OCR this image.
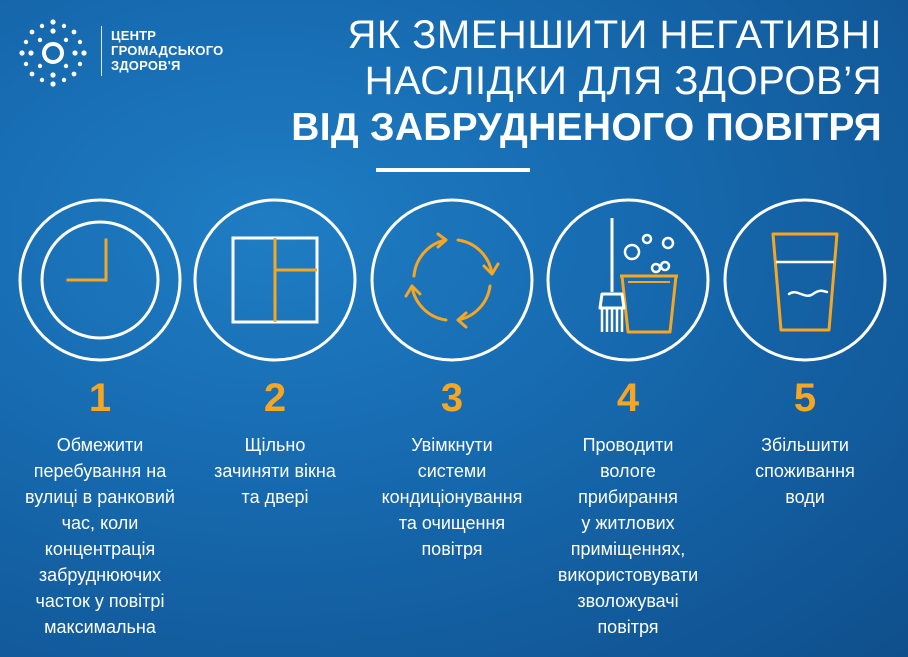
ЦЕНТР
ГРОМАДСЬКОГО
ЗДОРОВ'Я
ЯК ЗМЕНШИТИ НЕГАТИВНІ
НАСЛІДКИ ДЛЯ ЗДОРОВ’Я
ВІД ЗАБРУДНЕНОГО ПОВІТРЯ
1
Обмежити
перебування на
вулиці в ранковий
час, коли
концентрація
забруднюючих
часток у повітрі
максимальна
2
Щільно
зачиняти вікна
та двері
3
Увімкнути
системи
кондиціонування
та очищення
повітря
4
Проводити
вологе
прибирання
у житлових
приміщеннях,
використовувати
зволожувачі
повітря
5
Збільшити
споживання
води
